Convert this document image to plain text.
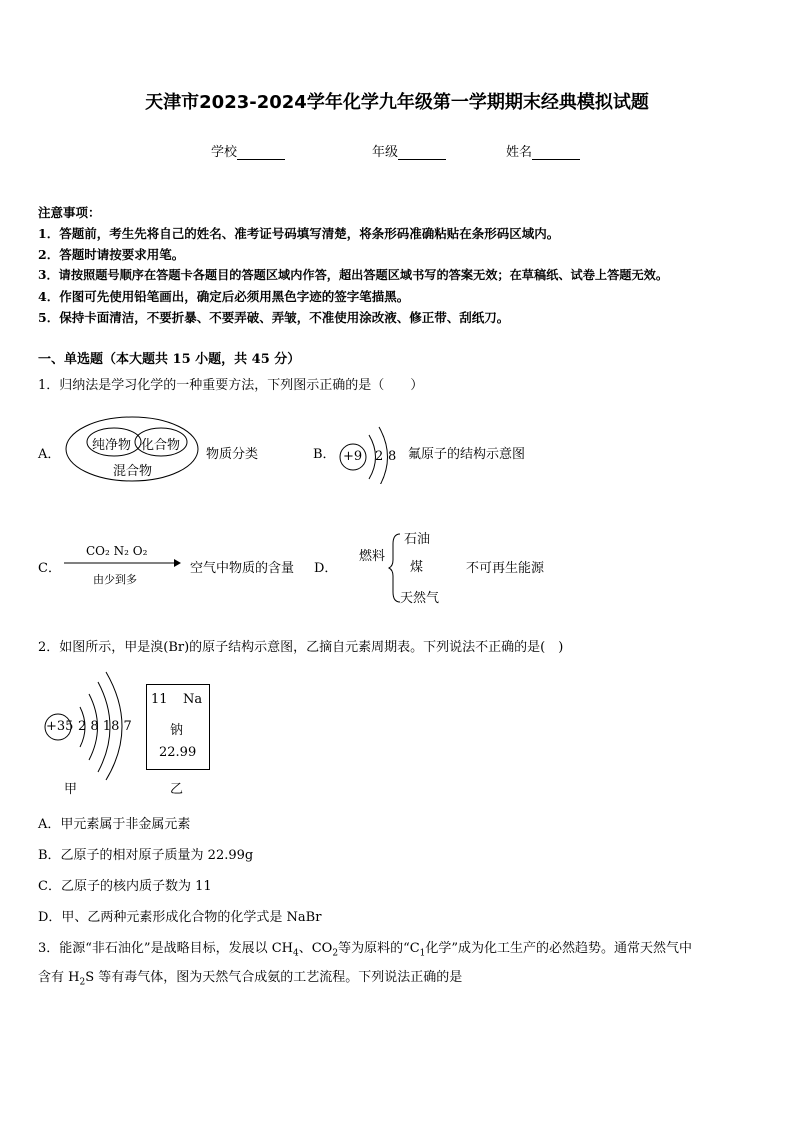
天津市2023-2024学年化学九年级第一学期期末经典模拟试题
学校	年级	姓名
注意事项：
1．答题前，考生先将自己的姓名、准考证号码填写清楚，将条形码准确粘贴在条形码区域内。
2．答题时请按要求用笔。
3．请按照题号顺序在答题卡各题目的答题区域内作答，超出答题区域书写的答案无效；在草稿纸、试卷上答题无效。
4．作图可先使用铅笔画出，确定后必须用黑色字迹的签字笔描黑。
5．保持卡面清洁，不要折暴、不要弄破、弄皱，不准使用涂改液、修正带、刮纸刀。
一、单选题（本大题共 15 小题，共 45 分）
1．归纳法是学习化学的一种重要方法，下列图示正确的是（　　）
A．
纯净物 化合物
混合物
物质分类	B． +9 2 8 氟原子的结构示意图
C．
CO₂ N₂ O₂
由少到多
空气中物质的含量 D．
燃料
石油
煤
天然气
不可再生能源
2．如图所示，甲是溴(Br)的原子结构示意图，乙摘自元素周期表。下列说法不正确的是(　)
+35 2 8 18 7
甲
11 Na
钠
22.99
乙
A．甲元素属于非金属元素
B．乙原子的相对原子质量为 22.99g
C．乙原子的核内质子数为 11
D．甲、乙两种元素形成化合物的化学式是 NaBr
3．能源“非石油化”是战略目标，发展以 $CH_4$、$CO_2$等为原料的“$C_1$化学”成为化工生产的必然趋势。通常天然气中
含有 $H_2S$ 等有毒气体，图为天然气合成氨的工艺流程。下列说法正确的是
